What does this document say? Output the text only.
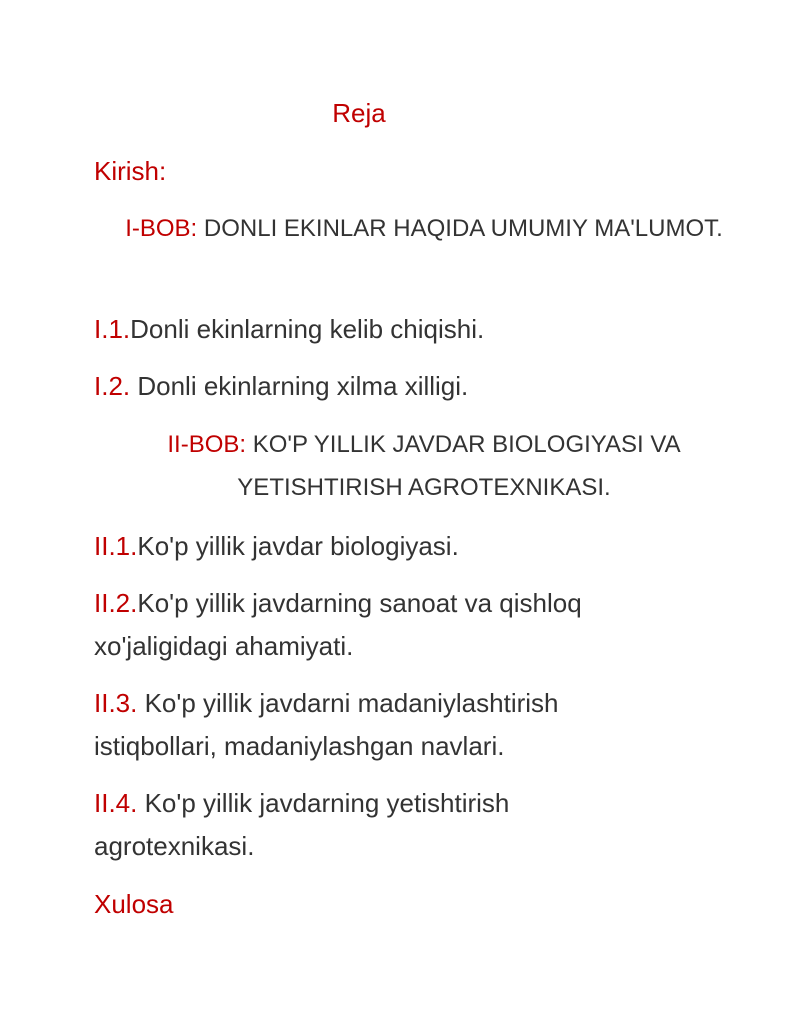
Reja
Kirish:
I-BOB: DONLI EKINLAR HAQIDA UMUMIY MA'LUMOT.
I.1.Donli ekinlarning kelib chiqishi.
I.2. Donli ekinlarning xilma xilligi.
II-BOB: KO'P YILLIK JAVDAR BIOLOGIYASI VA YETISHTIRISH AGROTEXNIKASI.
II.1.Ko'p yillik javdar biologiyasi.
II.2.Ko'p yillik javdarning sanoat va qishloq xo'jaligidagi ahamiyati.
II.3. Ko'p yillik javdarni madaniylashtirish istiqbollari, madaniylashgan navlari.
II.4. Ko'p yillik javdarning yetishtirish agrotexnikasi.
Xulosa
